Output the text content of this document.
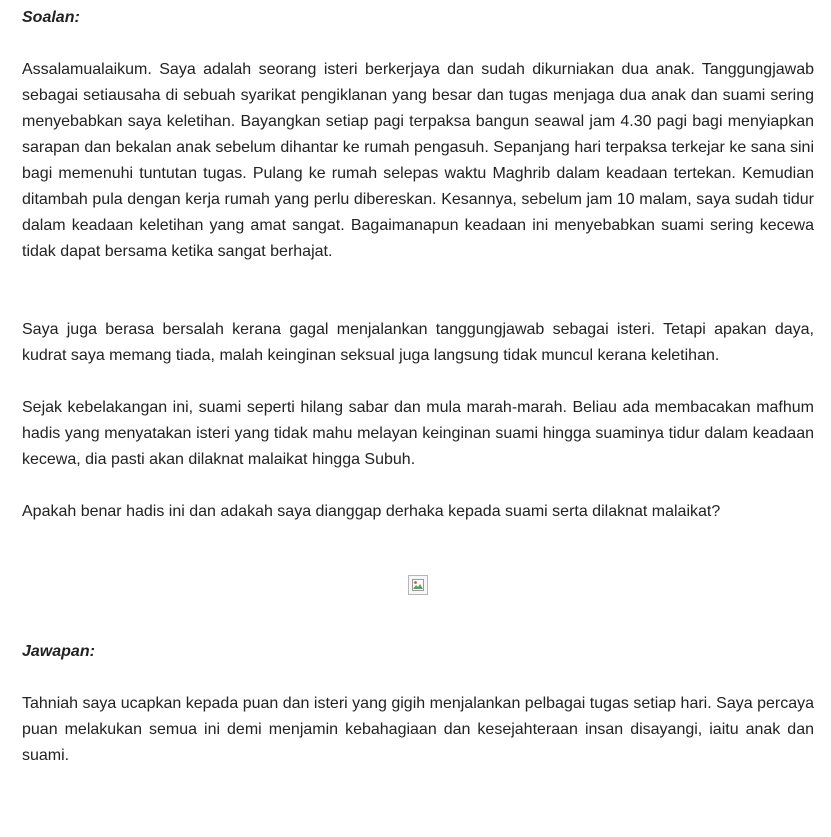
Soalan:

Assalamualaikum. Saya adalah seorang isteri berkerjaya dan sudah dikurniakan dua anak. Tanggungjawab sebagai setiausaha di sebuah syarikat pengiklanan yang besar dan tugas menjaga dua anak dan suami sering menyebabkan saya keletihan. Bayangkan setiap pagi terpaksa bangun seawal jam 4.30 pagi bagi menyiapkan sarapan dan bekalan anak sebelum dihantar ke rumah pengasuh. Sepanjang hari terpaksa terkejar ke sana sini bagi memenuhi tuntutan tugas. Pulang ke rumah selepas waktu Maghrib dalam keadaan tertekan. Kemudian ditambah pula dengan kerja rumah yang perlu dibereskan. Kesannya, sebelum jam 10 malam, saya sudah tidur dalam keadaan keletihan yang amat sangat. Bagaimanapun keadaan ini menyebabkan suami sering kecewa tidak dapat bersama ketika sangat berhajat.

Saya juga berasa bersalah kerana gagal menjalankan tanggungjawab sebagai isteri. Tetapi apakan daya, kudrat saya memang tiada, malah keinginan seksual juga langsung tidak muncul kerana keletihan.

Sejak kebelakangan ini, suami seperti hilang sabar dan mula marah-marah. Beliau ada membacakan mafhum hadis yang menyatakan isteri yang tidak mahu melayan keinginan suami hingga suaminya tidur dalam keadaan kecewa, dia pasti akan dilaknat malaikat hingga Subuh.

Apakah benar hadis ini dan adakah saya dianggap derhaka kepada suami serta dilaknat malaikat?

Jawapan:

Tahniah saya ucapkan kepada puan dan isteri yang gigih menjalankan pelbagai tugas setiap hari. Saya percaya puan melakukan semua ini demi menjamin kebahagiaan dan kesejahteraan insan disayangi, iaitu anak dan suami.
